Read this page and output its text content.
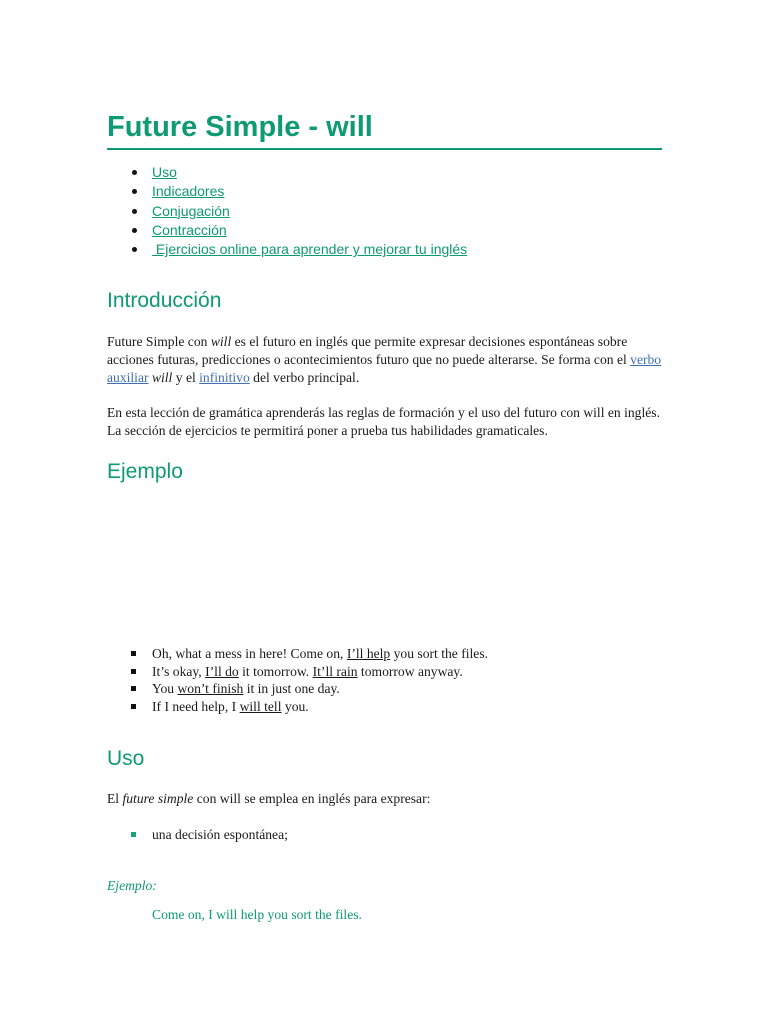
Future Simple - will
Uso
Indicadores
Conjugación
Contracción
Ejercicios online para aprender y mejorar tu inglés
Introducción

Future Simple con will es el futuro en inglés que permite expresar decisiones espontáneas sobre acciones futuras, predicciones o acontecimientos futuro que no puede alterarse. Se forma con el verbo auxiliar will y el infinitivo del verbo principal.

En esta lección de gramática aprenderás las reglas de formación y el uso del futuro con will en inglés. La sección de ejercicios te permitirá poner a prueba tus habilidades gramaticales.

Ejemplo
Oh, what a mess in here! Come on, I’ll help you sort the files.
It’s okay, I’ll do it tomorrow. It’ll rain tomorrow anyway.
You won’t finish it in just one day.
If I need help, I will tell you.
Uso

El future simple con will se emplea en inglés para expresar:

una decisión espontánea;

Ejemplo:

Come on, I will help you sort the files.
